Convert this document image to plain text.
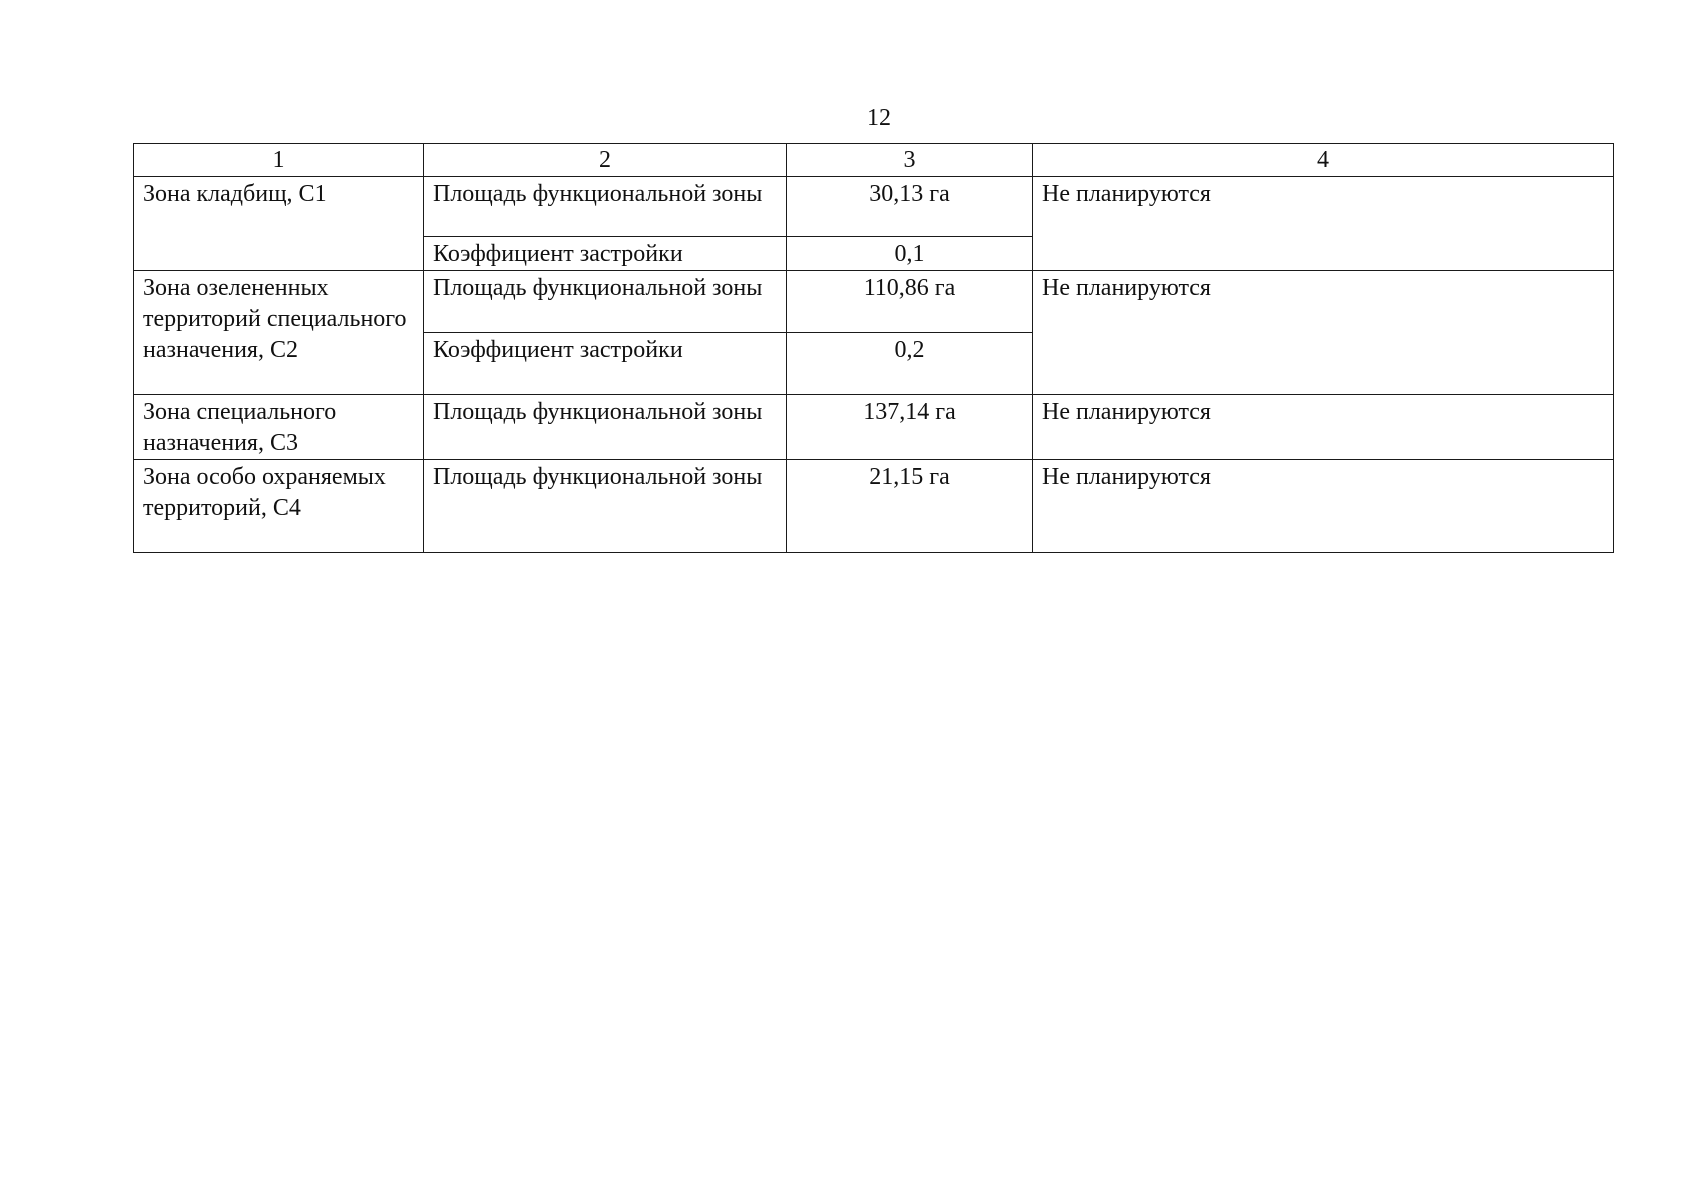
12
1	2	3	4
Зона кладбищ, С1	Площадь функциональной зоны	30,13 га	Не планируются
	Коэффициент застройки	0,1	
Зона озелененных территорий специального назначения, С2	Площадь функциональной зоны	110,86 га	Не планируются
	Коэффициент застройки	0,2	
Зона специального назначения, С3	Площадь функциональной зоны	137,14 га	Не планируются
Зона особо охраняемых территорий, С4	Площадь функциональной зоны	21,15 га	Не планируются
